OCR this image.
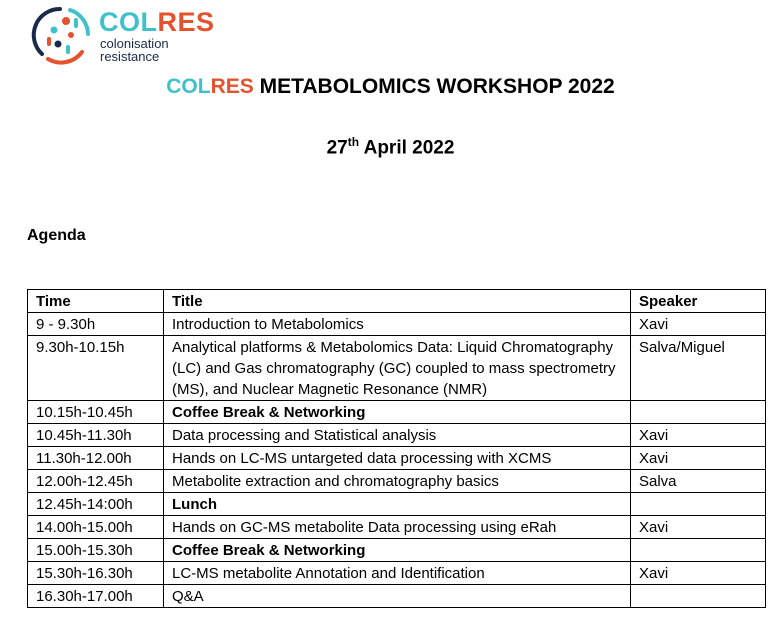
COLRES
colonisation
resistance
COLRES METABOLOMICS WORKSHOP 2022
27th April 2022
Agenda
Time	Title	Speaker
9 - 9.30h	Introduction to Metabolomics	Xavi
9.30h-10.15h	Analytical platforms & Metabolomics Data: Liquid Chromatography (LC) and Gas chromatography (GC) coupled to mass spectrometry (MS), and Nuclear Magnetic Resonance (NMR)	Salva/Miguel
10.15h-10.45h	Coffee Break & Networking	
10.45h-11.30h	Data processing and Statistical analysis	Xavi
11.30h-12.00h	Hands on LC-MS untargeted data processing with XCMS	Xavi
12.00h-12.45h	Metabolite extraction and chromatography basics	Salva
12.45h-14:00h	Lunch	
14.00h-15.00h	Hands on GC-MS metabolite Data processing using eRah	Xavi
15.00h-15.30h	Coffee Break & Networking	
15.30h-16.30h	LC-MS metabolite Annotation and Identification	Xavi
16.30h-17.00h	Q&A	
